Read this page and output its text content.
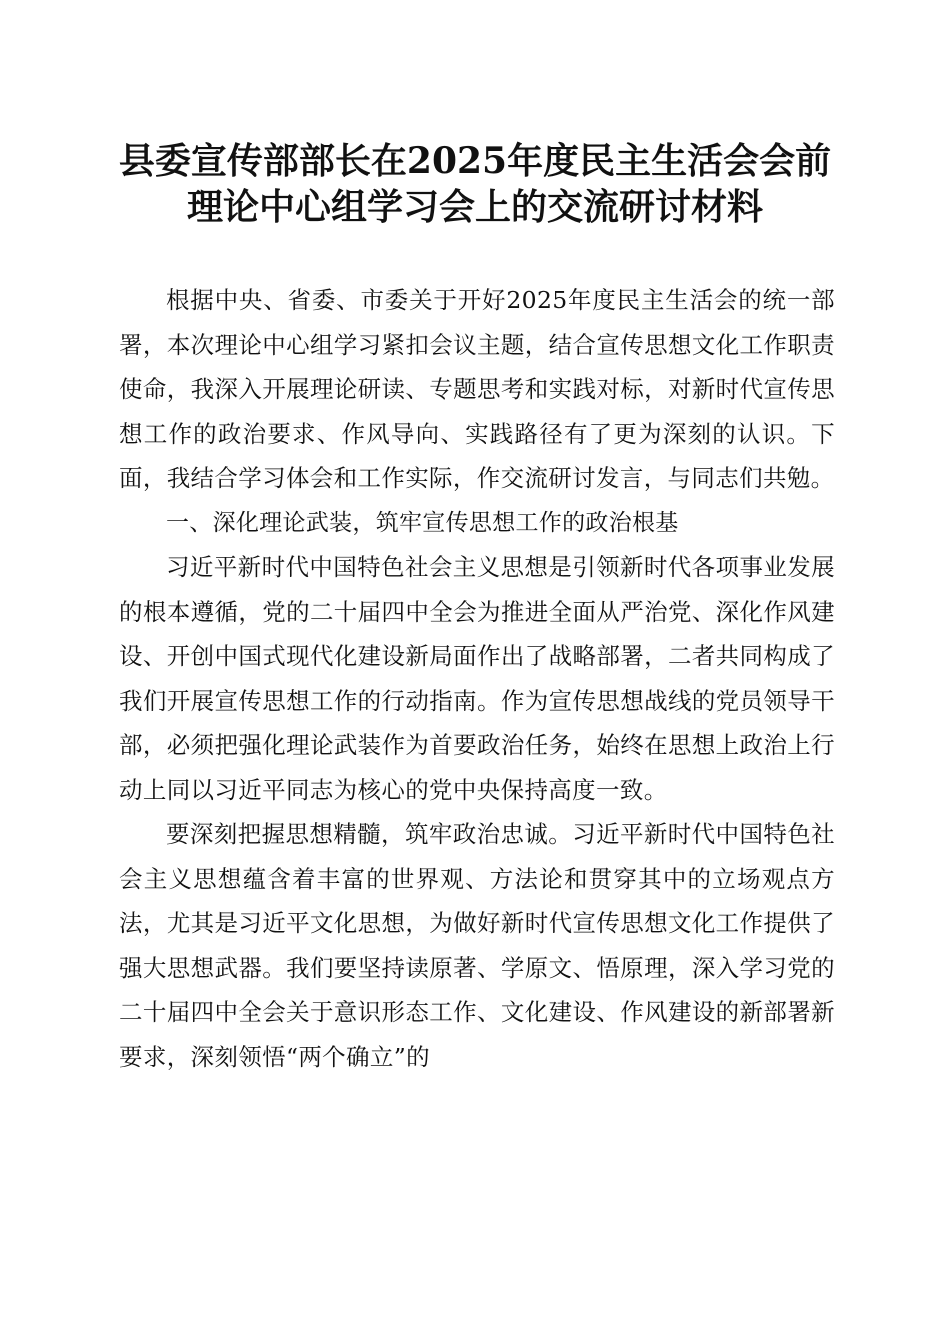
县委宣传部部长在2025年度民主生活会会前
理论中心组学习会上的交流研讨材料

根据中央、省委、市委关于开好2025年度民主生活会的统一部署，本次理论中心组学习紧扣会议主题，结合宣传思想文化工作职责使命，我深入开展理论研读、专题思考和实践对标，对新时代宣传思想工作的政治要求、作风导向、实践路径有了更为深刻的认识。下面，我结合学习体会和工作实际，作交流研讨发言，与同志们共勉。

一、深化理论武装，筑牢宣传思想工作的政治根基

习近平新时代中国特色社会主义思想是引领新时代各项事业发展的根本遵循，党的二十届四中全会为推进全面从严治党、深化作风建设、开创中国式现代化建设新局面作出了战略部署，二者共同构成了我们开展宣传思想工作的行动指南。作为宣传思想战线的党员领导干部，必须把强化理论武装作为首要政治任务，始终在思想上政治上行动上同以习近平同志为核心的党中央保持高度一致。

要深刻把握思想精髓，筑牢政治忠诚。习近平新时代中国特色社会主义思想蕴含着丰富的世界观、方法论和贯穿其中的立场观点方法，尤其是习近平文化思想，为做好新时代宣传思想文化工作提供了强大思想武器。我们要坚持读原著、学原文、悟原理，深入学习党的二十届四中全会关于意识形态工作、文化建设、作风建设的新部署新要求，深刻领悟“两个确立”的
